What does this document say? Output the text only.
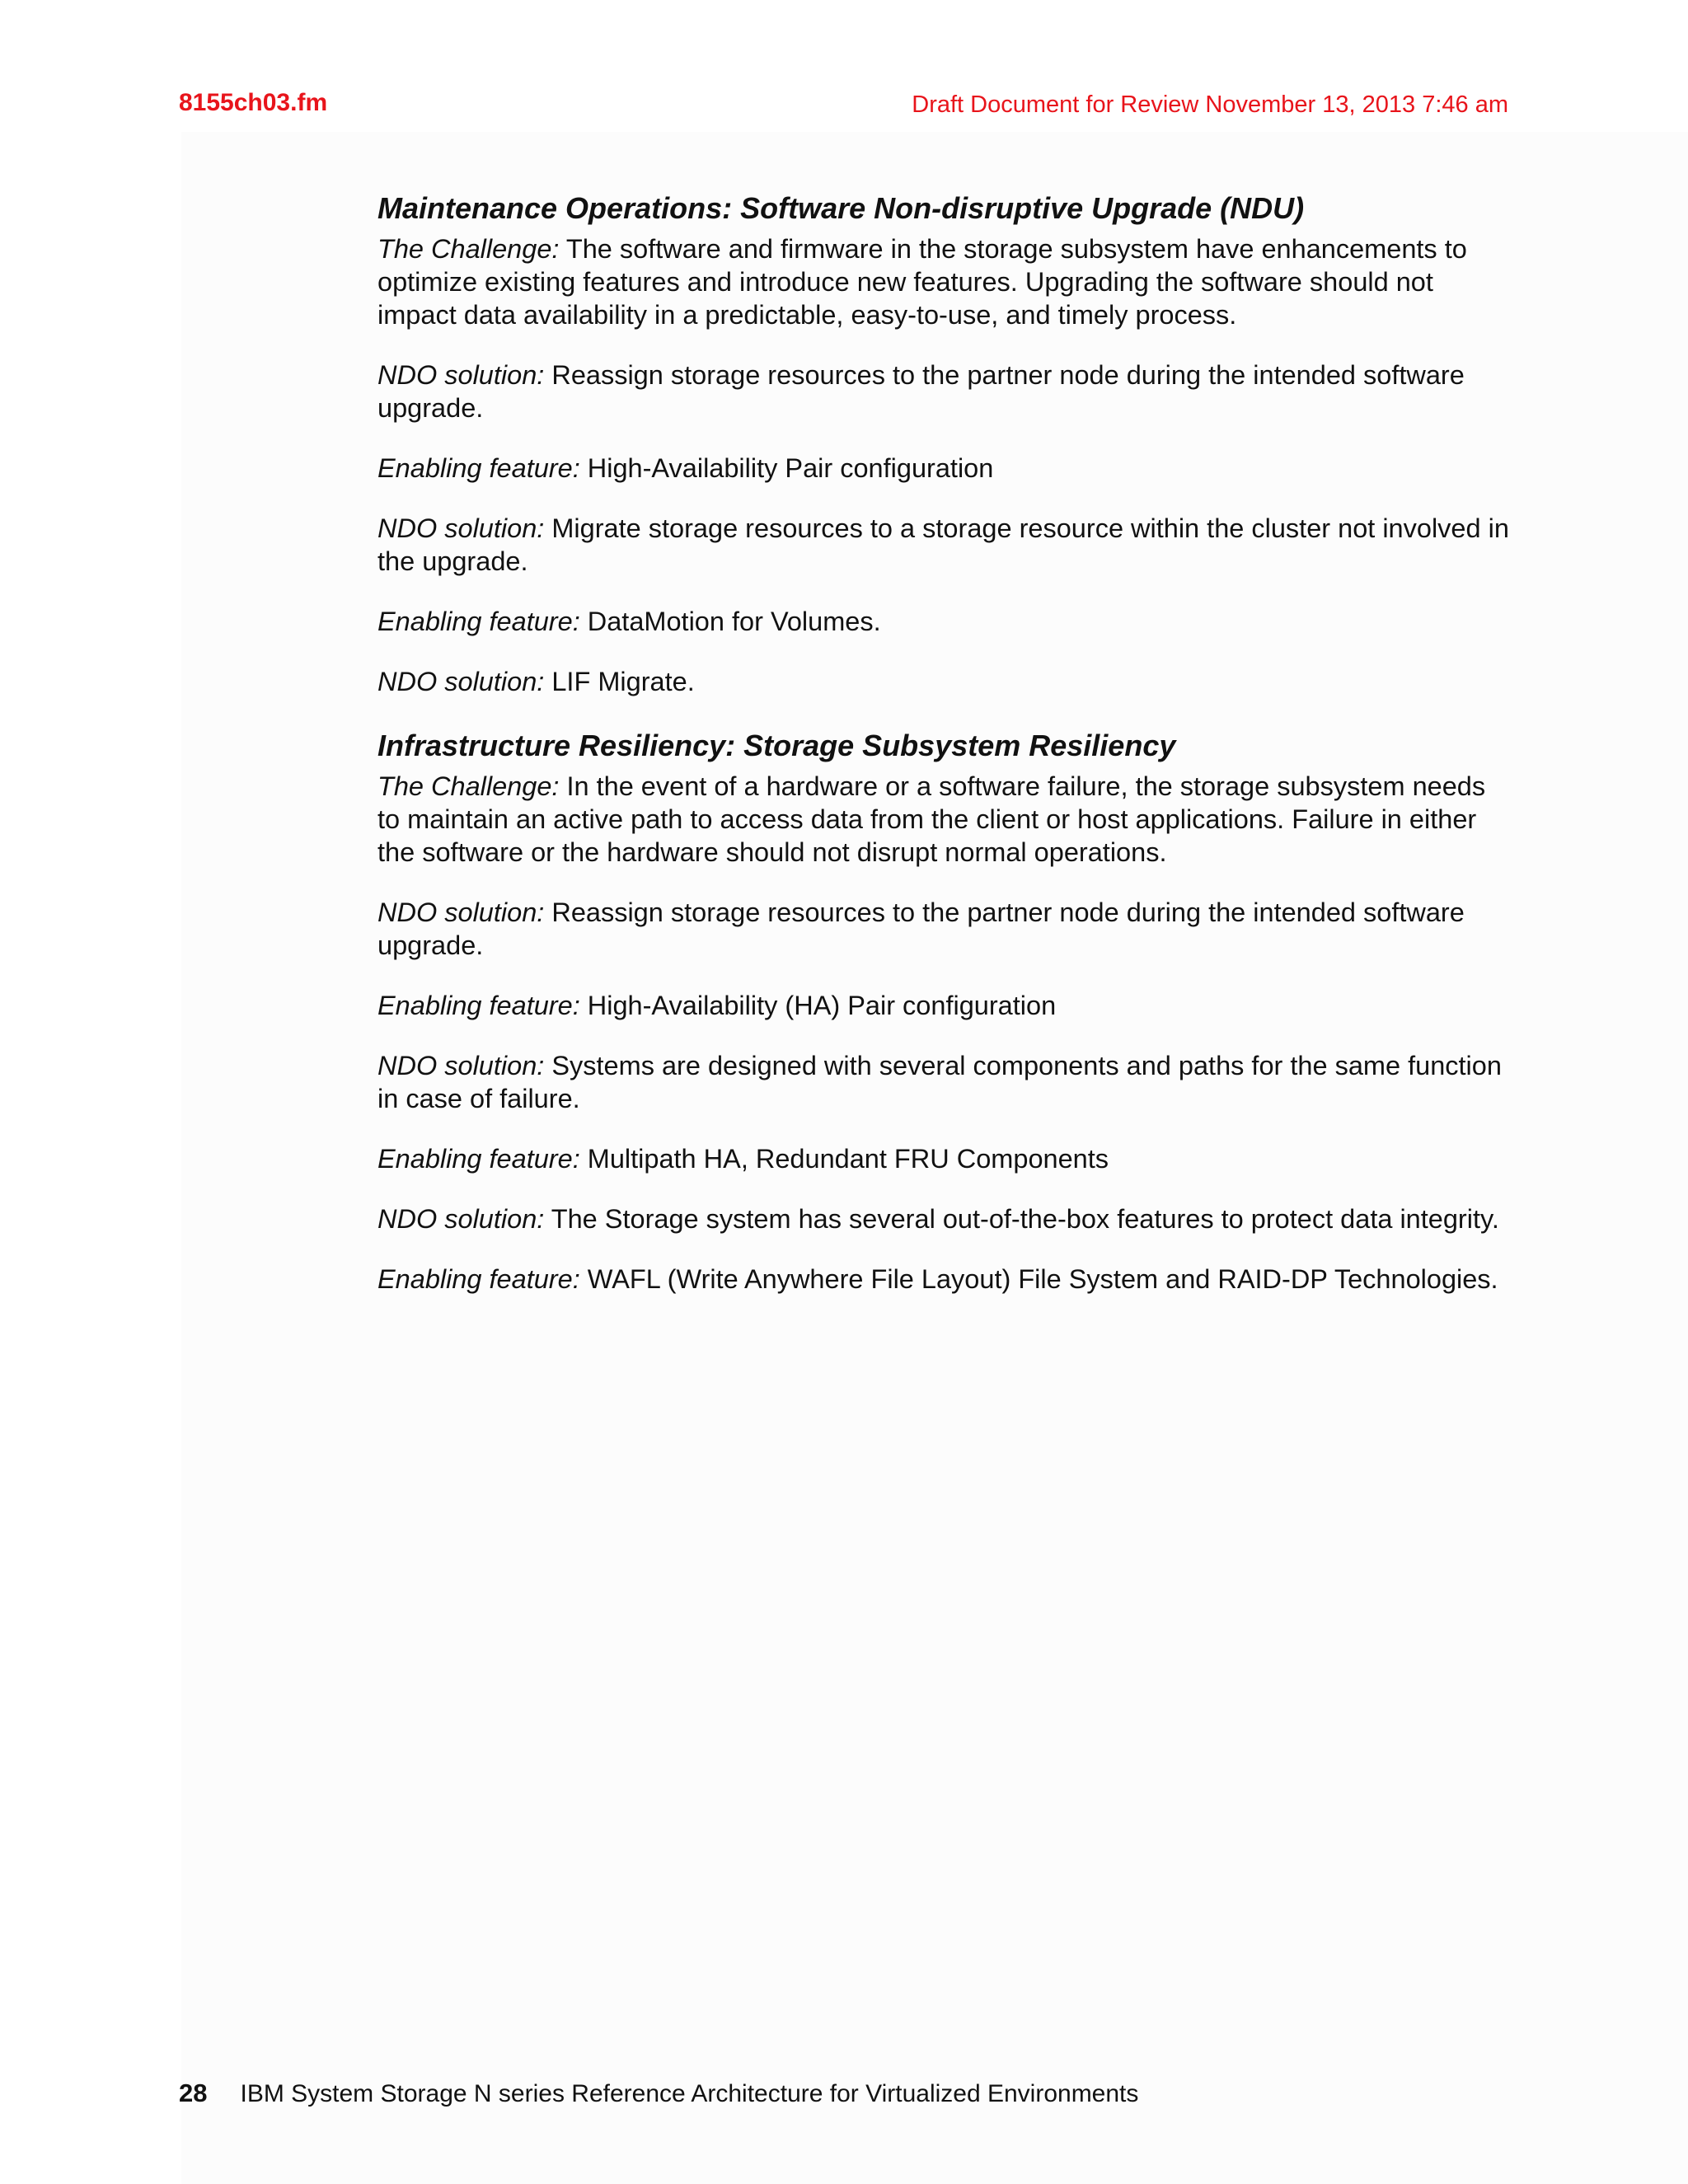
8155ch03.fm	Draft Document for Review November 13, 2013 7:46 am
Maintenance Operations: Software Non-disruptive Upgrade (NDU)

The Challenge: The software and firmware in the storage subsystem have enhancements to optimize existing features and introduce new features. Upgrading the software should not impact data availability in a predictable, easy-to-use, and timely process.

NDO solution: Reassign storage resources to the partner node during the intended software upgrade.

Enabling feature: High-Availability Pair configuration

NDO solution: Migrate storage resources to a storage resource within the cluster not involved in the upgrade.

Enabling feature: DataMotion for Volumes.

NDO solution: LIF Migrate.

Infrastructure Resiliency: Storage Subsystem Resiliency

The Challenge: In the event of a hardware or a software failure, the storage subsystem needs to maintain an active path to access data from the client or host applications. Failure in either the software or the hardware should not disrupt normal operations.

NDO solution: Reassign storage resources to the partner node during the intended software upgrade.

Enabling feature: High-Availability (HA) Pair configuration

NDO solution: Systems are designed with several components and paths for the same function in case of failure.

Enabling feature: Multipath HA, Redundant FRU Components

NDO solution: The Storage system has several out-of-the-box features to protect data integrity.

Enabling feature: WAFL (Write Anywhere File Layout) File System and RAID-DP Technologies.

28 IBM System Storage N series Reference Architecture for Virtualized Environments
